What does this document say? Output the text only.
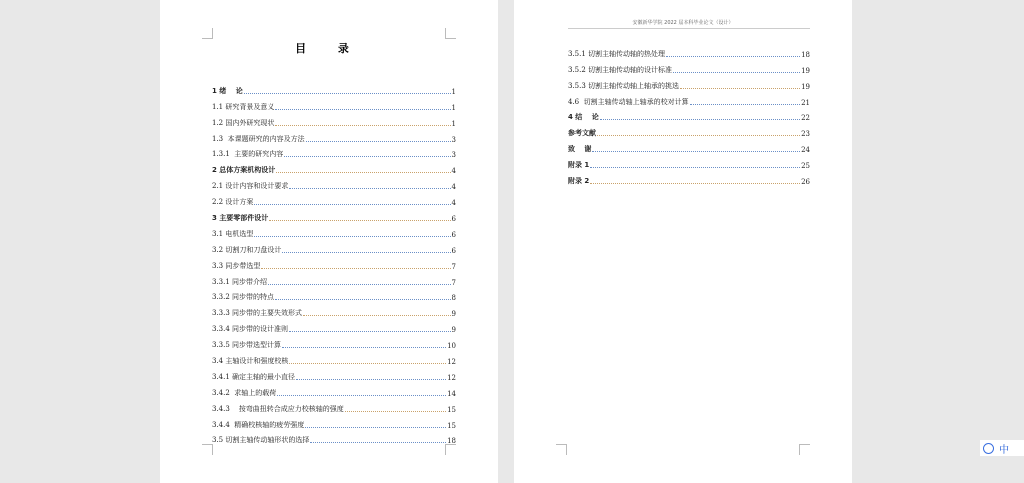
目 录
1 绪　 论	1
1.1 研究背景及意义	1
1.2 国内外研究现状	1
1.3  本课题研究的内容及方法	3
1.3.1  主要的研究内容	3
2 总体方案机构设计	4
2.1 设计内容和设计要求	4
2.2 设计方案	4
3 主要零部件设计	6
3.1 电机选型	6
3.2 切割刀和刀盘设计	6
3.3 同步带选型	7
3.3.1 同步带介绍	7
3.3.2 同步带的特点	8
3.3.3 同步带的主要失效形式	9
3.3.4 同步带的设计准则	9
3.3.5 同步带选型计算	10
3.4 主轴设计和强度校核	12
3.4.1 确定主轴的最小直径	12
3.4.2  求轴上的载荷	14
3.4.3    按弯曲扭转合成应力校核轴的强度	15
3.4.4  精确校核轴的疲劳强度	15
3.5 切割主轴传动轴形状的选择	18
安徽新华学院 2022 届本科毕业论文（设计）
3.5.1 切割主轴传动轴的热处理	18
3.5.2 切割主轴传动轴的设计标准	19
3.5.3 切割主轴传动轴上轴承的挑选	19
4.6  切割主轴传动轴上轴承的校对计算	21
4 结　 论	22
参考文献	23
致　 谢	24
附录 1	25
附录 2	26
中
